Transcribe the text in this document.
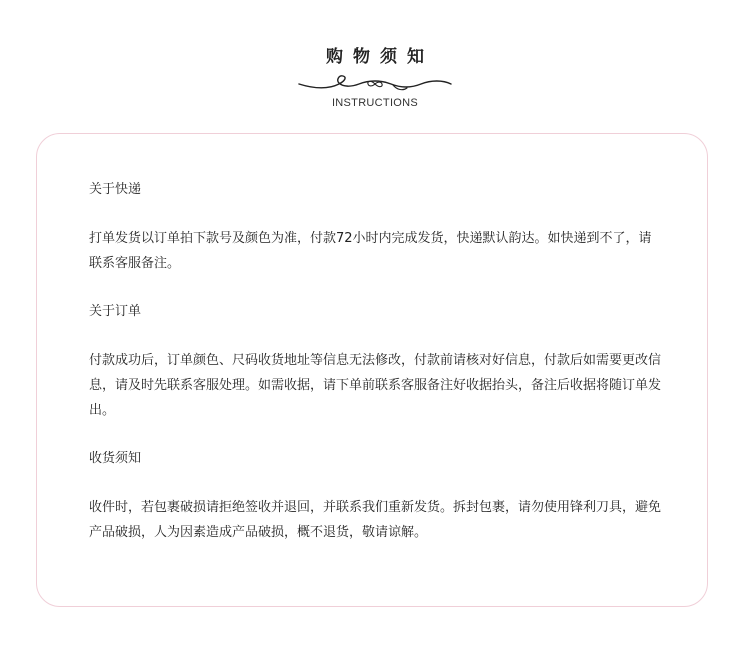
购物须知
INSTRUCTIONS

关于快递

打单发货以订单拍下款号及颜色为准，付款72小时内完成发货，快递默认韵达。如快递到不了，请联系客服备注。

关于订单

付款成功后，订单颜色、尺码收货地址等信息无法修改，付款前请核对好信息，付款后如需要更改信息，请及时先联系客服处理。如需收据，请下单前联系客服备注好收据抬头，备注后收据将随订单发出。

收货须知

收件时，若包裹破损请拒绝签收并退回，并联系我们重新发货。拆封包裹，请勿使用锋利刀具，避免产品破损，人为因素造成产品破损，概不退货，敬请谅解。
